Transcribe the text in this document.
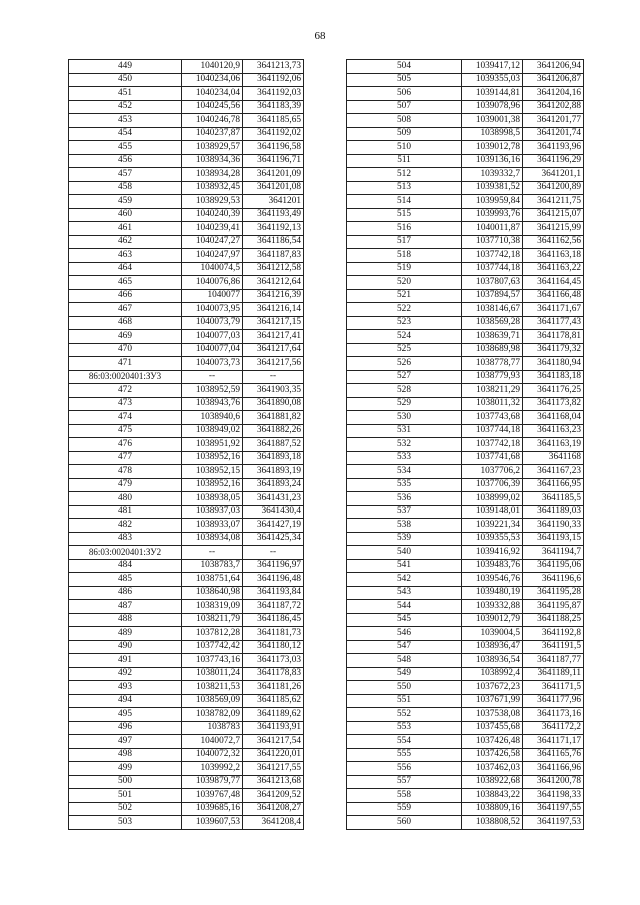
68
449	1040120,9	3641213,73
450	1040234,06	3641192,06
451	1040234,04	3641192,03
452	1040245,56	3641183,39
453	1040246,78	3641185,65
454	1040237,87	3641192,02
455	1038929,57	3641196,58
456	1038934,36	3641196,71
457	1038934,28	3641201,09
458	1038932,45	3641201,08
459	1038929,53	3641201
460	1040240,39	3641193,49
461	1040239,41	3641192,13
462	1040247,27	3641186,54
463	1040247,97	3641187,83
464	1040074,5	3641212,58
465	1040076,86	3641212,64
466	1040077	3641216,39
467	1040073,95	3641216,14
468	1040073,79	3641217,15
469	1040077,03	3641217,41
470	1040077,04	3641217,64
471	1040073,73	3641217,56
86:03:0020401:ЗУ3	--	--
472	1038952,59	3641903,35
473	1038943,76	3641890,08
474	1038940,6	3641881,82
475	1038949,02	3641882,26
476	1038951,92	3641887,52
477	1038952,16	3641893,18
478	1038952,15	3641893,19
479	1038952,16	3641893,24
480	1038938,05	3641431,23
481	1038937,03	3641430,4
482	1038933,07	3641427,19
483	1038934,08	3641425,34
86:03:0020401:ЗУ2	--	--
484	1038783,7	3641196,97
485	1038751,64	3641196,48
486	1038640,98	3641193,84
487	1038319,09	3641187,72
488	1038211,79	3641186,45
489	1037812,28	3641181,73
490	1037742,42	3641180,12
491	1037743,16	3641173,03
492	1038011,24	3641178,83
493	1038211,53	3641181,26
494	1038569,09	3641185,62
495	1038782,09	3641189,62
496	1038783	3641193,91
497	1040072,7	3641217,54
498	1040072,32	3641220,01
499	1039992,2	3641217,55
500	1039879,77	3641213,68
501	1039767,48	3641209,52
502	1039685,16	3641208,27
503	1039607,53	3641208,4
504	1039417,12	3641206,94
505	1039355,03	3641206,87
506	1039144,81	3641204,16
507	1039078,96	3641202,88
508	1039001,38	3641201,77
509	1038998,5	3641201,74
510	1039012,78	3641193,96
511	1039136,16	3641196,29
512	1039332,7	3641201,1
513	1039381,52	3641200,89
514	1039959,84	3641211,75
515	1039993,76	3641215,07
516	1040011,87	3641215,99
517	1037710,38	3641162,56
518	1037742,18	3641163,18
519	1037744,18	3641163,22
520	1037807,63	3641164,45
521	1037894,57	3641166,48
522	1038146,67	3641171,67
523	1038569,28	3641177,43
524	1038639,71	3641178,81
525	1038689,98	3641179,32
526	1038778,77	3641180,94
527	1038779,93	3641183,18
528	1038211,29	3641176,25
529	1038011,32	3641173,82
530	1037743,68	3641168,04
531	1037744,18	3641163,23
532	1037742,18	3641163,19
533	1037741,68	3641168
534	1037706,2	3641167,23
535	1037706,39	3641166,95
536	1038999,02	3641185,5
537	1039148,01	3641189,03
538	1039221,34	3641190,33
539	1039355,53	3641193,15
540	1039416,92	3641194,7
541	1039483,76	3641195,06
542	1039546,76	3641196,6
543	1039480,19	3641195,28
544	1039332,88	3641195,87
545	1039012,79	3641188,25
546	1039004,5	3641192,8
547	1038936,47	3641191,5
548	1038936,54	3641187,77
549	1038992,4	3641189,11
550	1037672,23	3641171,5
551	1037671,99	3641177,96
552	1037538,08	3641173,16
553	1037455,68	3641172,2
554	1037426,48	3641171,17
555	1037426,58	3641165,76
556	1037462,03	3641166,96
557	1038922,68	3641200,78
558	1038843,22	3641198,33
559	1038809,16	3641197,55
560	1038808,52	3641197,53
